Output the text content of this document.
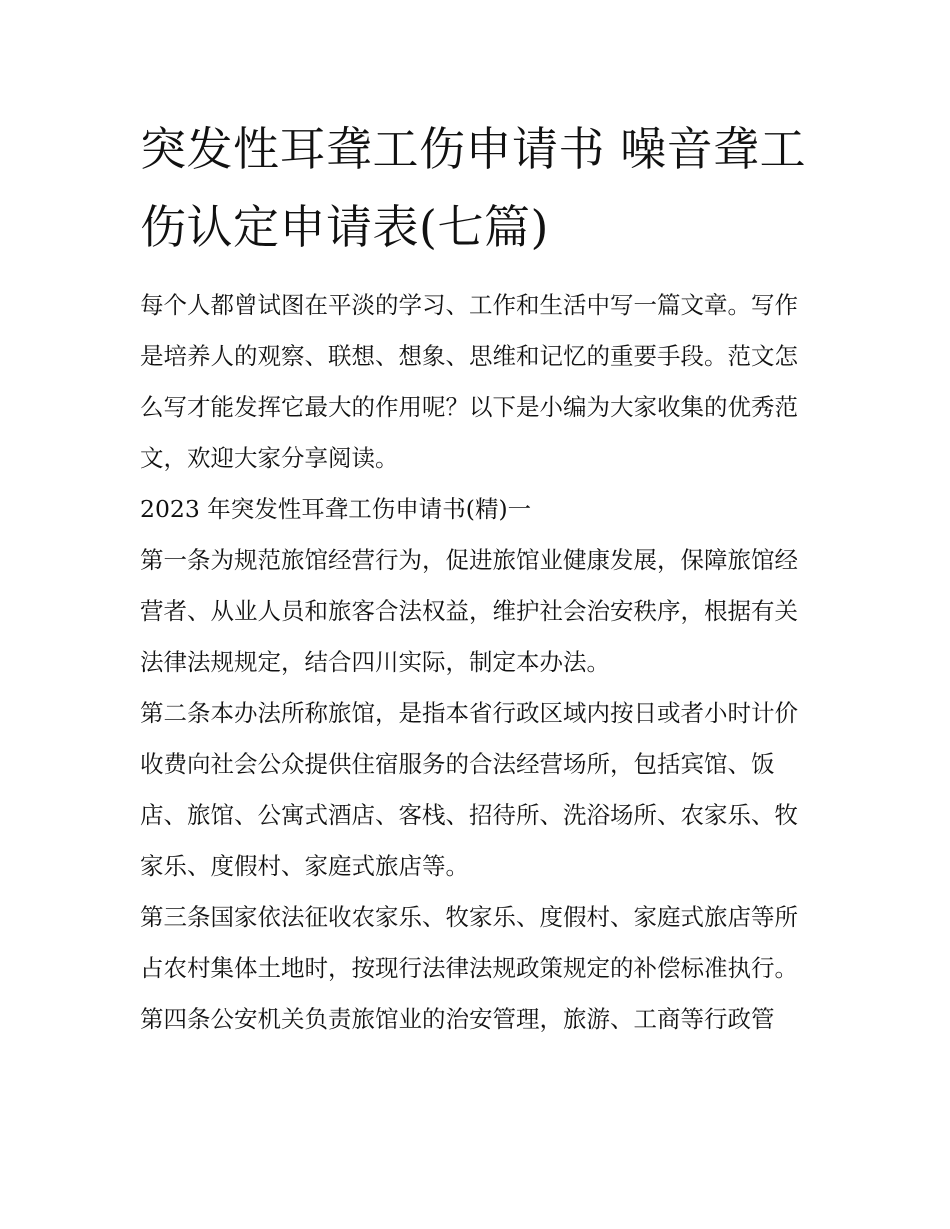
突发性耳聋工伤申请书 噪音聋工伤认定申请表(七篇)

每个人都曾试图在平淡的学习、工作和生活中写一篇文章。写作是培养人的观察、联想、想象、思维和记忆的重要手段。范文怎么写才能发挥它最大的作用呢？以下是小编为大家收集的优秀范文，欢迎大家分享阅读。

2023 年突发性耳聋工伤申请书(精)一

第一条为规范旅馆经营行为，促进旅馆业健康发展，保障旅馆经营者、从业人员和旅客合法权益，维护社会治安秩序，根据有关法律法规规定，结合四川实际，制定本办法。

第二条本办法所称旅馆，是指本省行政区域内按日或者小时计价收费向社会公众提供住宿服务的合法经营场所，包括宾馆、饭店、旅馆、公寓式酒店、客栈、招待所、洗浴场所、农家乐、牧家乐、度假村、家庭式旅店等。

第三条国家依法征收农家乐、牧家乐、度假村、家庭式旅店等所占农村集体土地时，按现行法律法规政策规定的补偿标准执行。

第四条公安机关负责旅馆业的治安管理，旅游、工商等行政管
